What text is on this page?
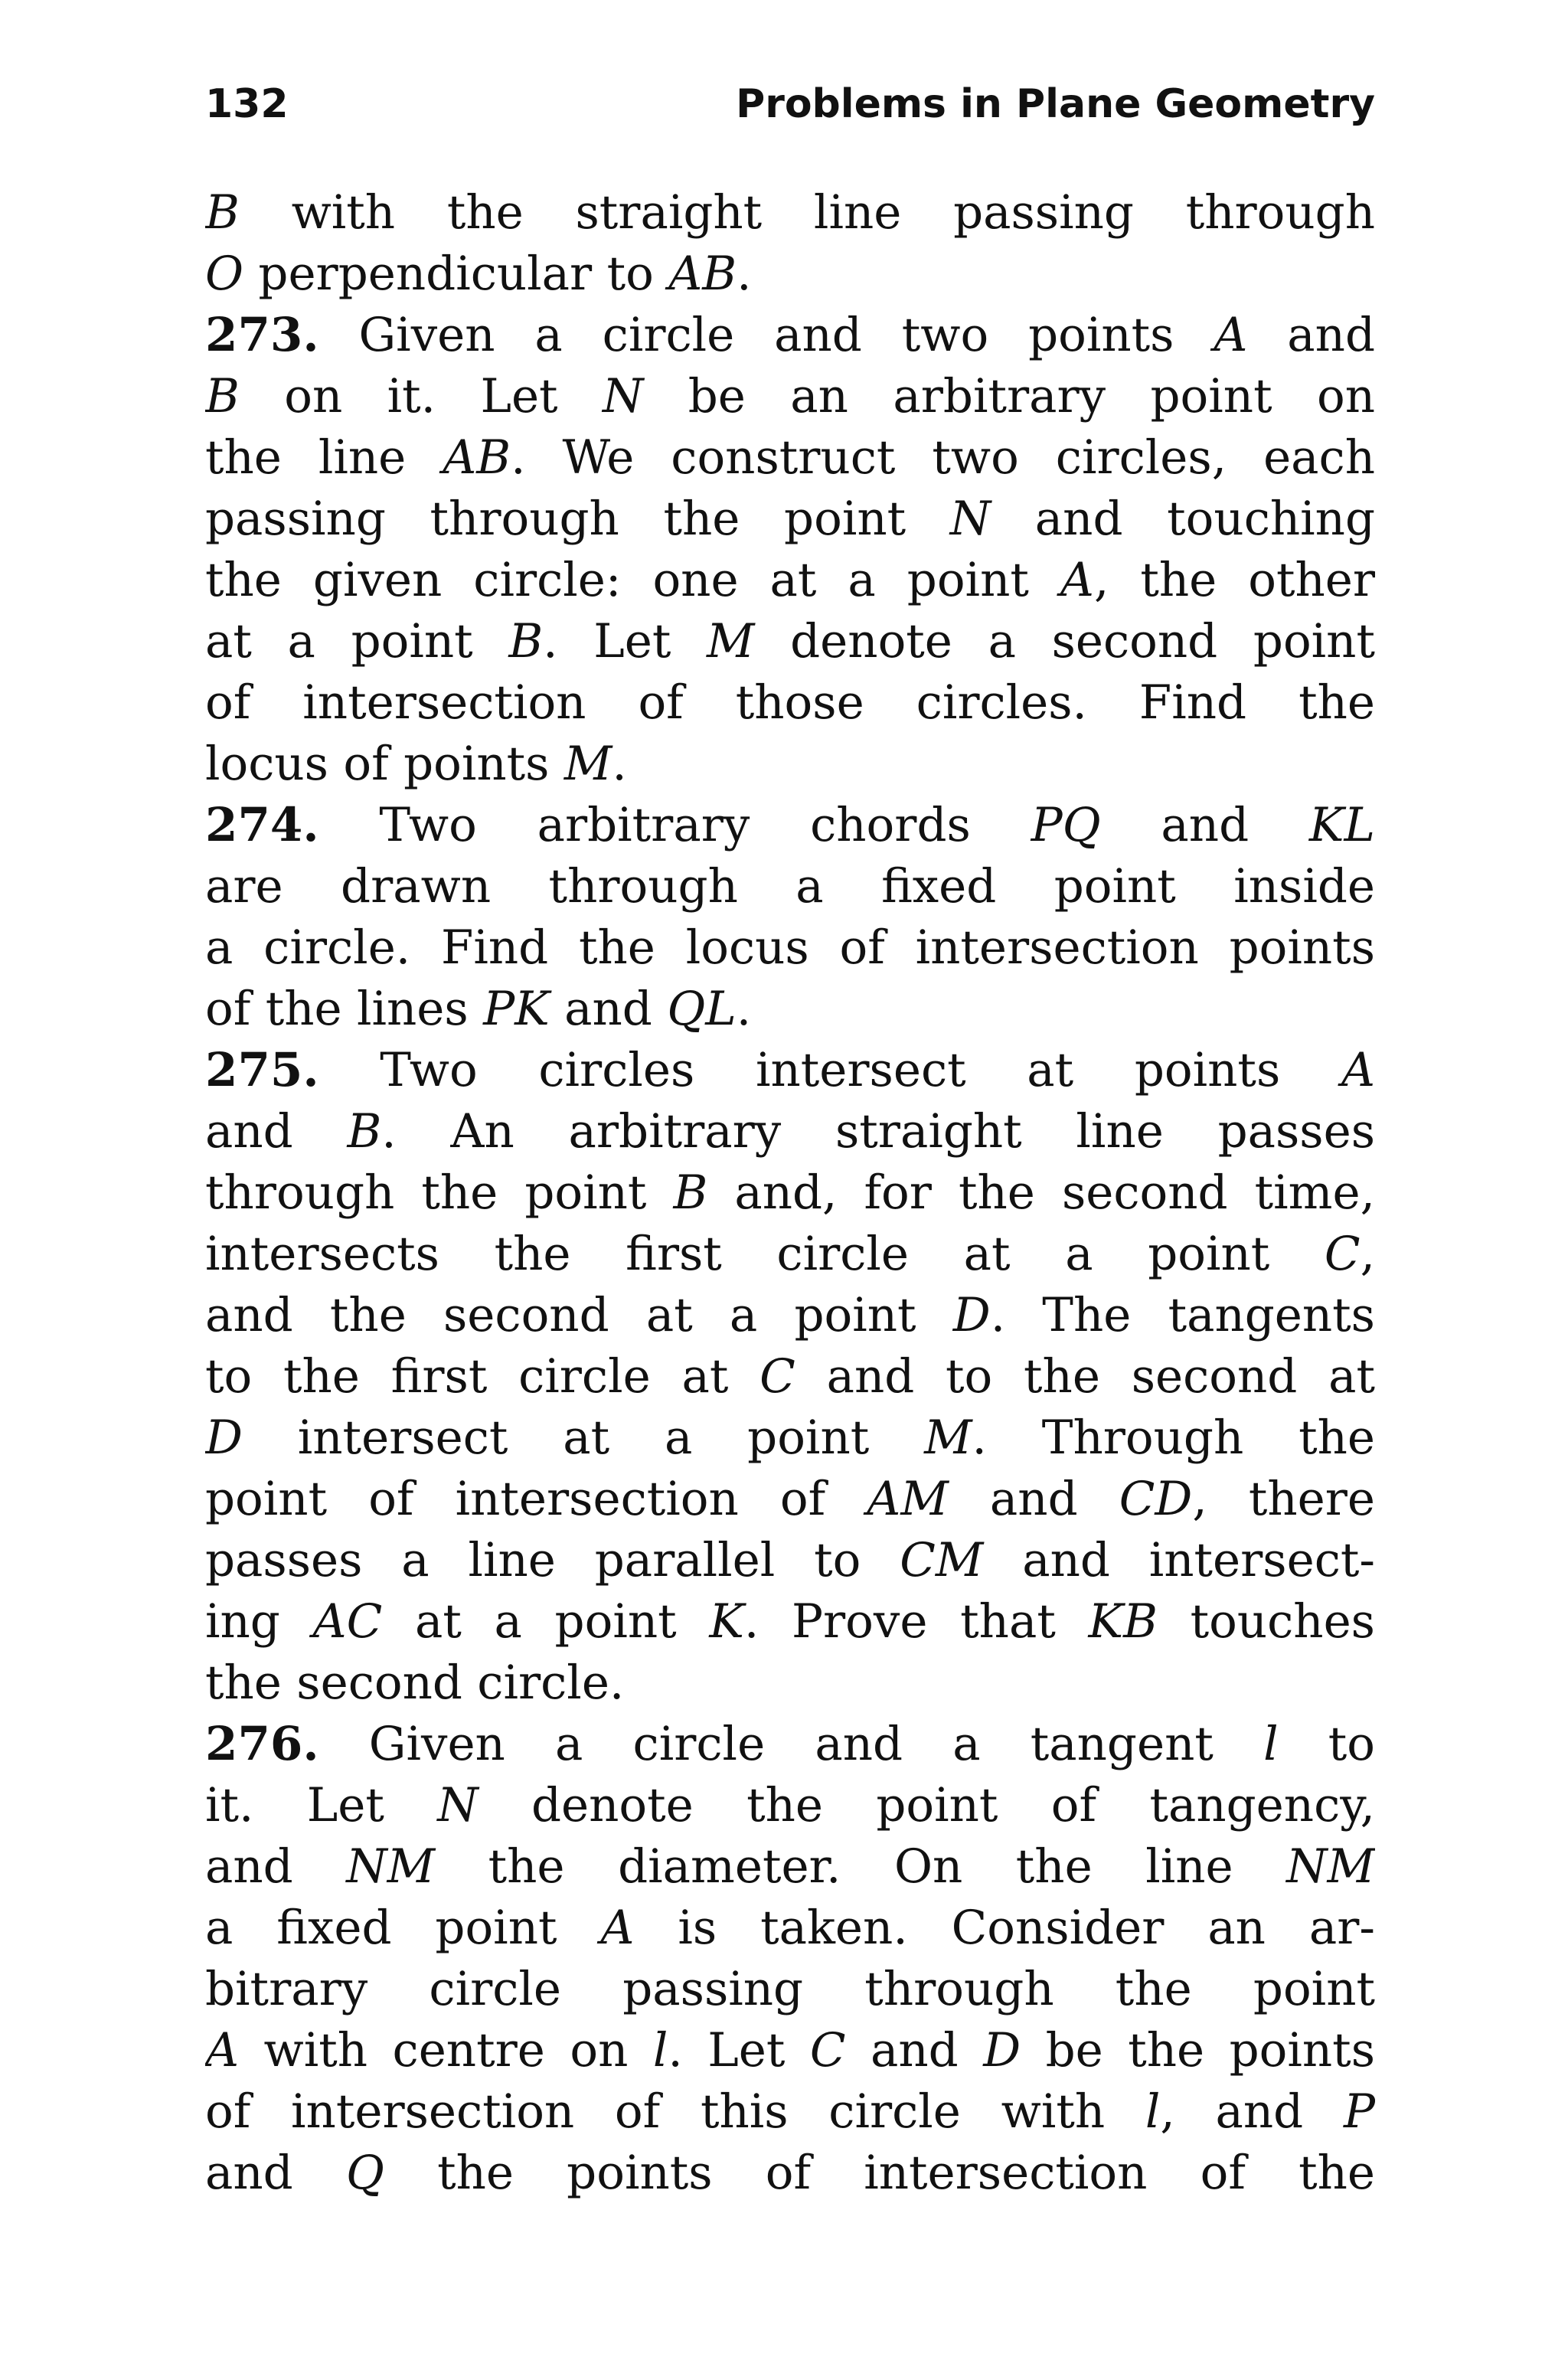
132	Problems in Plane Geometry
B with the straight line passing through
O perpendicular to AB.
273. Given a circle and two points A and
B on it. Let N be an arbitrary point on
the line AB. We construct two circles, each
passing through the point N and touching
the given circle: one at a point A, the other
at a point B. Let M denote a second point
of intersection of those circles. Find the
locus of points M.
274. Two arbitrary chords PQ and KL
are drawn through a fixed point inside
a circle. Find the locus of intersection points
of the lines PK and QL.
275. Two circles intersect at points A
and B. An arbitrary straight line passes
through the point B and, for the second time,
intersects the first circle at a point C,
and the second at a point D. The tangents
to the first circle at C and to the second at
D intersect at a point M. Through the
point of intersection of AM and CD, there
passes a line parallel to CM and intersect-
ing AC at a point K. Prove that KB touches
the second circle.
276. Given a circle and a tangent l to
it. Let N denote the point of tangency,
and NM the diameter. On the line NM
a fixed point A is taken. Consider an ar-
bitrary circle passing through the point
A with centre on l. Let C and D be the points
of intersection of this circle with l, and P
and Q the points of intersection of the
